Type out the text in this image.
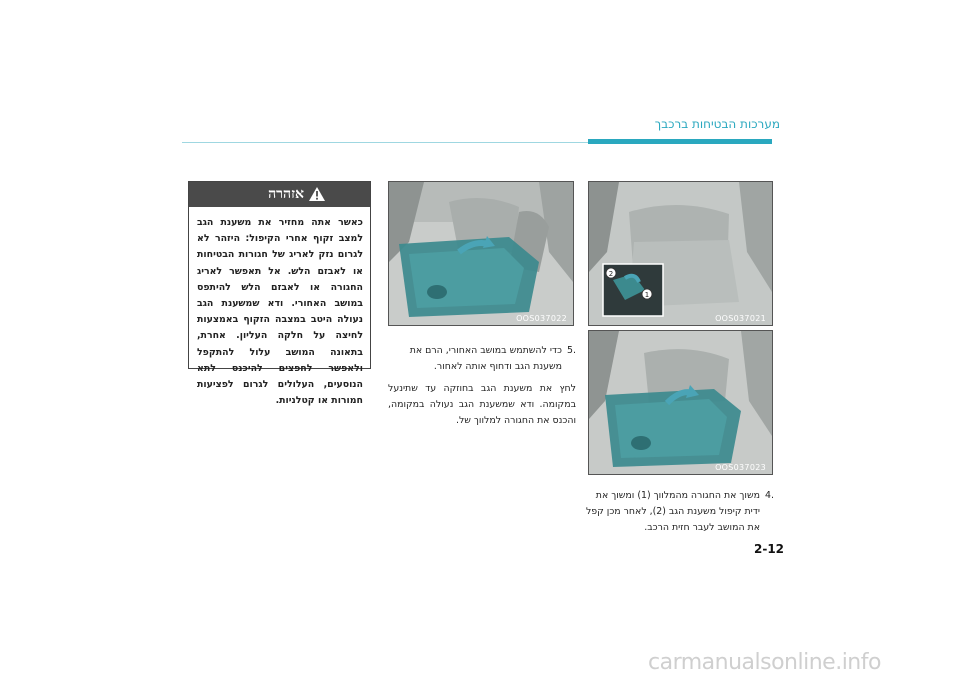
מערכות הבטיחות ברכבך
אזהרה
כאשר אתה מחזיר את משענת הגב למצב זקוף אחרי הקיפול: היזהר לא לגרום נזק לאריג של חגורות הבטיחות או לאבזם הלש. אל תאפשר לאריג החגורה או לאבזם הלש להיתפס במושב האחורי. ודא שמשענת הגב נעולה היטב במצבה הזקוף באמצעות לחיצה על חלקה העליון. אחרת, בתאונה המושב עלול להתקפל ולאפשר לחפצים להיכנס לתא הנוסעים, העלולים לגרום לפציעות חמורות או קטלניות.
OOS037022
2
1
OOS037021
OOS037023
.5
כדי להשתמש במושב האחורי, הרם את משענת הגב ודחוף אותה לאחור.
לחץ את משענת הגב בחוזקה עד שתינעל במקומה. ודא שמשענת הגב נעולה במקומה, והכנס את החגורה למלווך של.
.4
משוך את החגורה מהמלווך (1) ומשוך את ידית קיפול משענת הגב (2), לאחר מכן קפל את המושב לעבר חזית הרכב.
2-12
carmanualsonline.info
